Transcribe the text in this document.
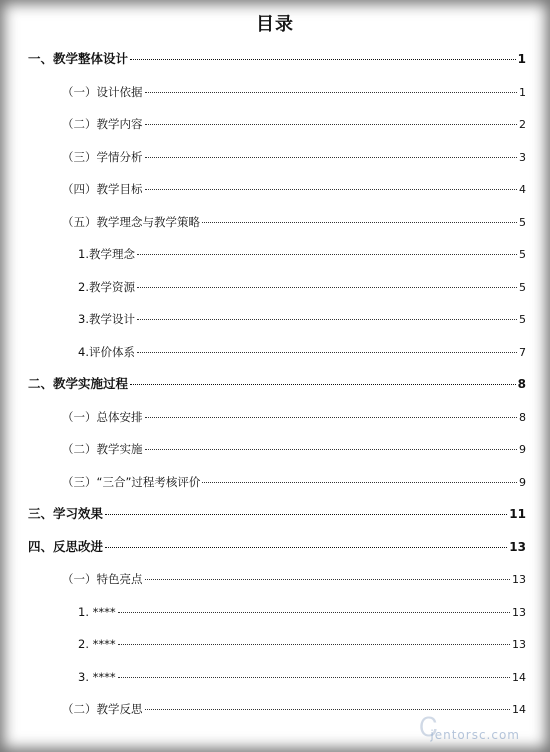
目录
一、教学整体设计	1
（一）设计依据	1
（二）教学内容	2
（三）学情分析	3
（四）教学目标	4
（五）教学理念与教学策略	5
1.教学理念	5
2.教学资源	5
3.教学设计	5
4.评价体系	7
二、教学实施过程	8
（一）总体安排	8
（二）教学实施	9
（三）“三合”过程考核评价	9
三、学习效果	11
四、反思改进	13
（一）特色亮点	13
1. ****	13
2. ****	13
3. ****	14
（二）教学反思	14
Ꮯ
jentorsc.com
